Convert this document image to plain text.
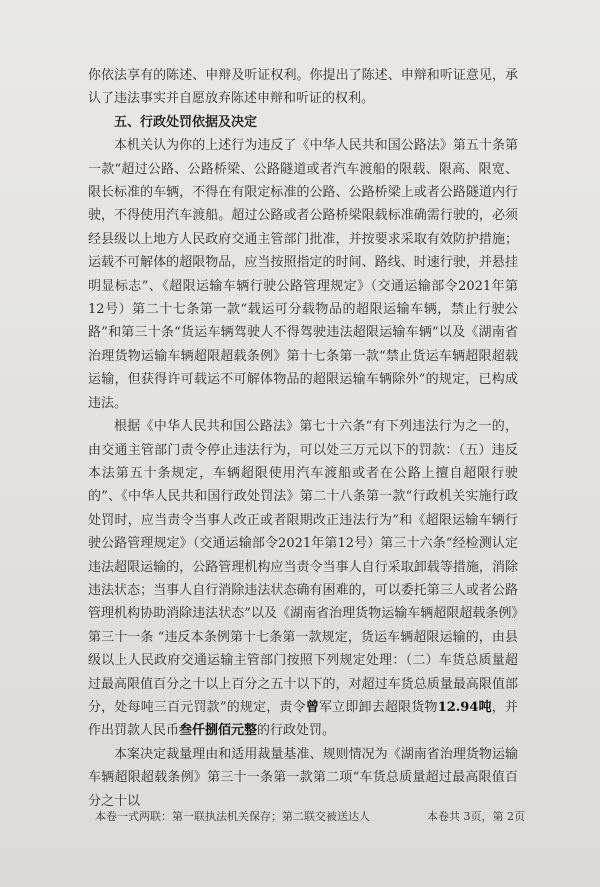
你依法享有的陈述、申辩及听证权利。你提出了陈述、申辩和听证意见，承认了违法事实并自愿放弃陈述申辩和听证的权利。

五、行政处罚依据及决定

本机关认为你的上述行为违反了《中华人民共和国公路法》第五十条第一款“超过公路、公路桥梁、公路隧道或者汽车渡船的限载、限高、限宽、限长标准的车辆，不得在有限定标准的公路、公路桥梁上或者公路隧道内行驶，不得使用汽车渡船。超过公路或者公路桥梁限载标准确需行驶的，必须经县级以上地方人民政府交通主管部门批准，并按要求采取有效防护措施；运载不可解体的超限物品，应当按照指定的时间、路线、时速行驶，并悬挂明显标志”、《超限运输车辆行驶公路管理规定》（交通运输部令2021年第12号）第二十七条第一款“载运可分载物品的超限运输车辆，禁止行驶公路”和第三十条“货运车辆驾驶人不得驾驶违法超限运输车辆”以及《湖南省治理货物运输车辆超限超载条例》第十七条第一款“禁止货运车辆超限超载运输，但获得许可载运不可解体物品的超限运输车辆除外”的规定，已构成违法。

根据《中华人民共和国公路法》第七十六条“有下列违法行为之一的，由交通主管部门责令停止违法行为，可以处三万元以下的罚款：（五）违反本法第五十条规定，车辆超限使用汽车渡船或者在公路上擅自超限行驶的”、《中华人民共和国行政处罚法》第二十八条第一款“行政机关实施行政处罚时，应当责令当事人改正或者限期改正违法行为”和《超限运输车辆行驶公路管理规定》（交通运输部令2021年第12号）第三十六条“经检测认定违法超限运输的，公路管理机构应当责令当事人自行采取卸载等措施，消除违法状态；当事人自行消除违法状态确有困难的，可以委托第三人或者公路管理机构协助消除违法状态”以及《湖南省治理货物运输车辆超限超载条例》第三十一条 “违反本条例第十七条第一款规定，货运车辆超限运输的，由县级以上人民政府交通运输主管部门按照下列规定处理：（二）车货总质量超过最高限值百分之十以上百分之五十以下的，对超过车货总质量最高限值部分，处每吨三百元罚款”的规定，责令曾军立即卸去超限货物12.94吨，并作出罚款人民币叁仟捌佰元整的行政处罚。

本案决定裁量理由和适用裁量基准、规则情况为《湖南省治理货物运输车辆超限超载条例》第三十一条第一款第二项“车货总质量超过最高限值百分之十以

本卷一式两联：第一联执法机关保存；第二联交被送达人	本卷共 3页，第 2页
